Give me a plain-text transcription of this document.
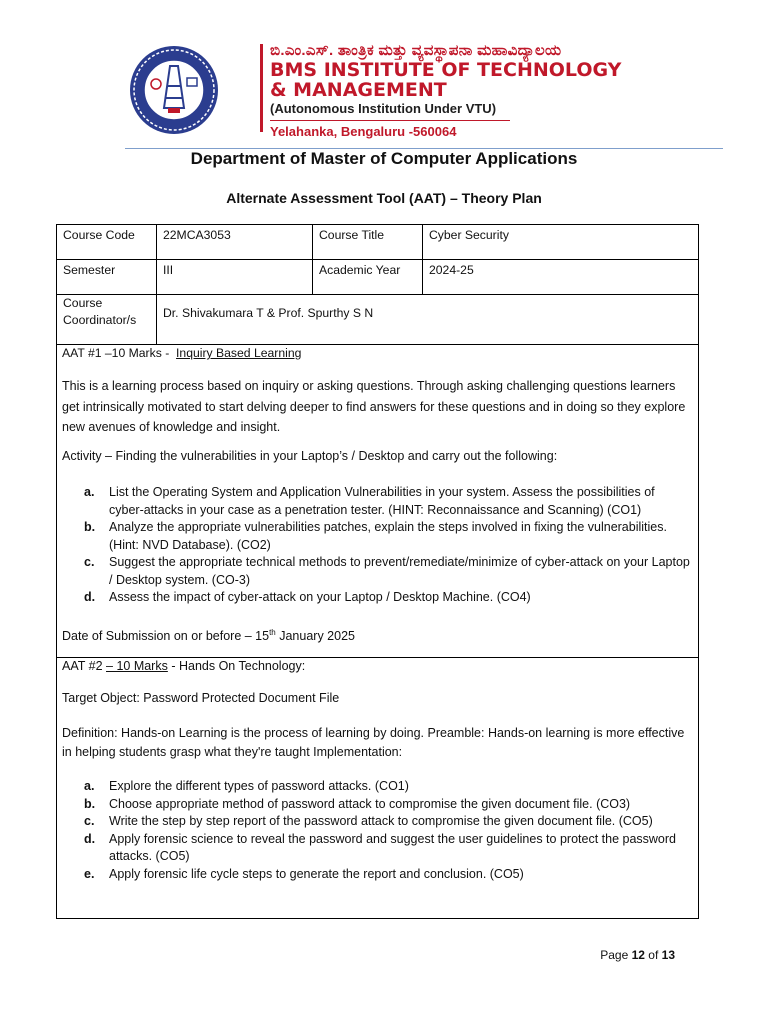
ಬಿ.ಎಂ.ಎಸ್. ತಾಂತ್ರಿಕ ಮತ್ತು ವ್ಯವಸ್ಥಾಪನಾ ಮಹಾವಿದ್ಯಾಲಯ
BMS INSTITUTE OF TECHNOLOGY
& MANAGEMENT
(Autonomous Institution Under VTU)
Yelahanka, Bengaluru -560064
Department of Master of Computer Applications
Alternate Assessment Tool (AAT) – Theory Plan
Course Code	22MCA3053	Course Title	Cyber Security
Semester	III	Academic Year	2024-25
Course
Coordinator/s	Dr. Shivakumara T & Prof. Spurthy S N
AAT #1 –10 Marks -  Inquiry Based Learning
This is a learning process based on inquiry or asking questions. Through asking challenging questions learners get intrinsically motivated to start delving deeper to find answers for these questions and in doing so they explore new avenues of knowledge and insight.
Activity – Finding the vulnerabilities in your Laptop’s / Desktop and carry out the following:
a. List the Operating System and Application Vulnerabilities in your system. Assess the possibilities of cyber-attacks in your case as a penetration tester. (HINT: Reconnaissance and Scanning) (CO1)
b. Analyze the appropriate vulnerabilities patches, explain the steps involved in fixing the vulnerabilities. (Hint: NVD Database). (CO2)
c. Suggest the appropriate technical methods to prevent/remediate/minimize of cyber-attack on your Laptop / Desktop system. (CO-3)
d. Assess the impact of cyber-attack on your Laptop / Desktop Machine. (CO4)
Date of Submission on or before – 15th January 2025
AAT #2 – 10 Marks - Hands On Technology:
Target Object: Password Protected Document File
Definition: Hands-on Learning is the process of learning by doing. Preamble: Hands-on learning is more effective in helping students grasp what they're taught Implementation:
a. Explore the different types of password attacks. (CO1)
b. Choose appropriate method of password attack to compromise the given document file. (CO3)
c. Write the step by step report of the password attack to compromise the given document file. (CO5)
d. Apply forensic science to reveal the password and suggest the user guidelines to protect the password attacks. (CO5)
e. Apply forensic life cycle steps to generate the report and conclusion. (CO5)
Page 12 of 13
